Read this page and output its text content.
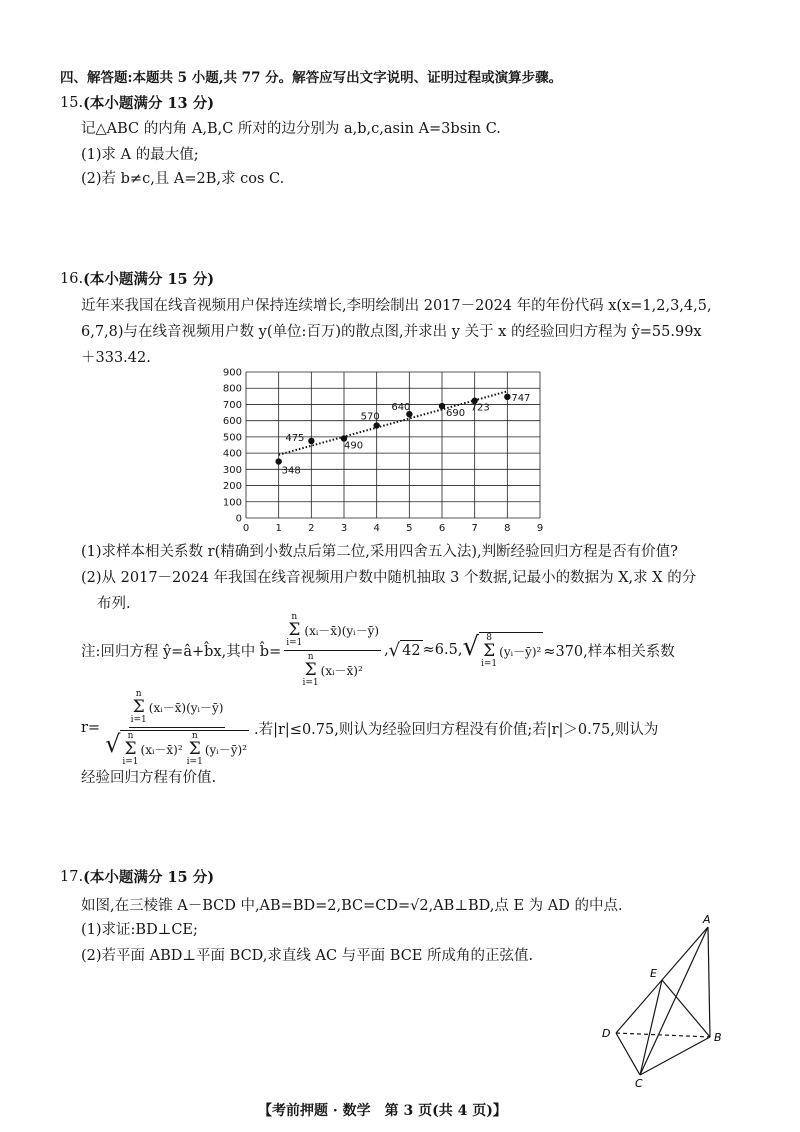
四、解答题:本题共 5 小题,共 77 分。解答应写出文字说明、证明过程或演算步骤。
15. (本小题满分 13 分)
记△ABC 的内角 A,B,C 所对的边分别为 a,b,c,asin A=3bsin C.
(1)求 A 的最大值;
(2)若 b≠c,且 A=2B,求 cos C.
16. (本小题满分 15 分)
近年来我国在线音视频用户保持连续增长,李明绘制出 2017－2024 年的年份代码 x(x=1,2,3,4,5,
6,7,8)与在线音视频用户数 y(单位:百万)的散点图,并求出 y 关于 x 的经验回归方程为 ŷ=55.99x
＋333.42.
0
100
200
300
400
500
600
700
800
900
0	1	2	3	4	5	6	7	8	9
348
475
490
570
640
690 723
747
(1)求样本相关系数 r(精确到小数点后第二位,采用四舍五入法),判断经验回归方程是否有价值?
(2)从 2017－2024 年我国在线音视频用户数中随机抽取 3 个数据,记最小的数据为 X,求 X 的分
布列.
注:回归方程 ŷ=â+b̂x,其中 b̂= n
Σ
i=1
(xᵢ－x̄)(yᵢ－ȳ)
n
Σ
i=1
(xᵢ－x̄)² , √ 42 ≈6.5, √ 8
Σ
i=1
(yᵢ－ȳ)² ≈370,样本相关系数
r=
n
Σ
i=1
(xᵢ－x̄)(yᵢ－ȳ)
√ n
Σ
i=1
(xᵢ－x̄)²
n
Σ
i=1
(yᵢ－ȳ)²
.若|r|≤0.75,则认为经验回归方程没有价值;若|r|＞0.75,则认为
经验回归方程有价值.
17. (本小题满分 15 分)
如图,在三棱锥 A－BCD 中,AB=BD=2,BC=CD=√2,AB⊥BD,点 E 为 AD 的中点.
(1)求证:BD⊥CE;
(2)若平面 ABD⊥平面 BCD,求直线 AC 与平面 BCE 所成角的正弦值.
A
B
C
D
E
【考前押题 · 数学　第 3 页(共 4 页)】
